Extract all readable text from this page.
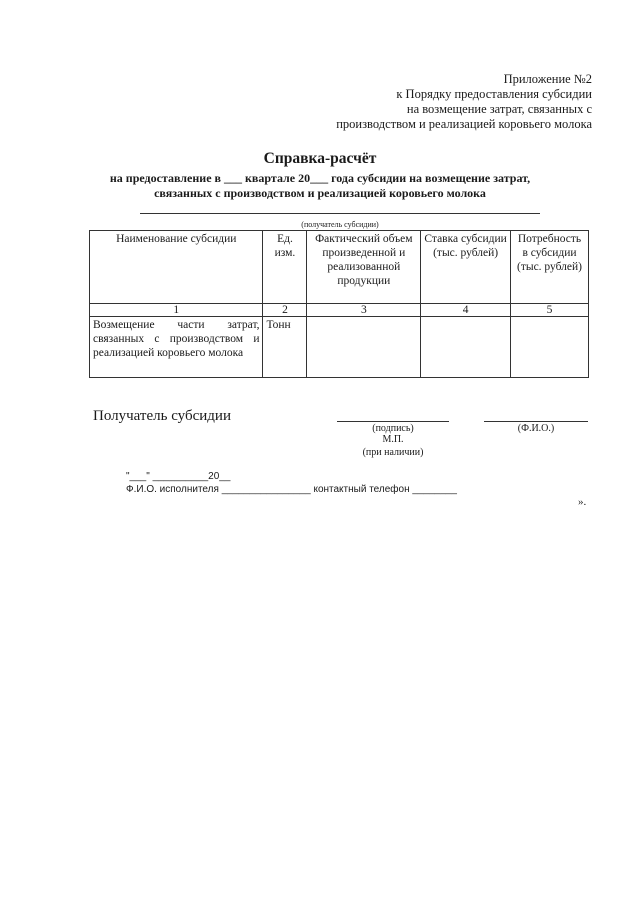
Приложение №2
к Порядку предоставления субсидии
на возмещение затрат, связанных с
производством и реализацией коровьего молока
Справка-расчёт
на предоставление в ___ квартале 20___ года субсидии на возмещение затрат,
связанных с производством и реализацией коровьего молока
(получатель субсидии)
Наименование субсидии	Ед. изм.	Фактический объем произведенной и реализованной продукции	Ставка субсидии (тыс. рублей)	Потребность в субсидии (тыс. рублей)
1	2	3	4	5
Возмещение части затрат, связанных с производством и реализацией коровьего молока	Тонн			
Получатель субсидии
(подпись)	(Ф.И.О.)
М.П.
(при наличии)
"___" __________20__
Ф.И.О. исполнителя ________________ контактный телефон ________
».
